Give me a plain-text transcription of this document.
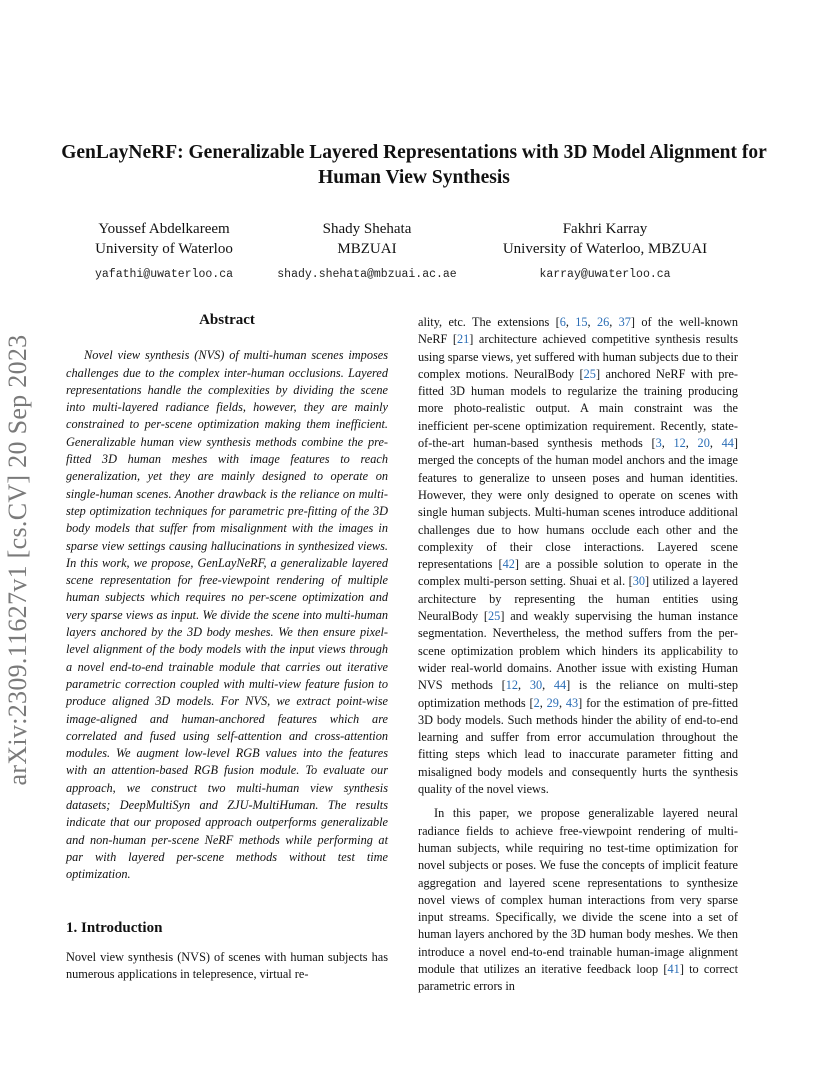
GenLayNeRF: Generalizable Layered Representations with 3D Model Alignment for Human View Synthesis
Youssef Abdelkareem
University of Waterloo
yafathi@uwaterloo.ca
Shady Shehata
MBZUAI
shady.shehata@mbzuai.ac.ae
Fakhri Karray
University of Waterloo, MBZUAI
karray@uwaterloo.ca
arXiv:2309.11627v1 [cs.CV] 20 Sep 2023
Abstract

Novel view synthesis (NVS) of multi-human scenes imposes challenges due to the complex inter-human occlusions. Layered representations handle the complexities by dividing the scene into multi-layered radiance fields, however, they are mainly constrained to per-scene optimization making them inefficient. Generalizable human view synthesis methods combine the pre-fitted 3D human meshes with image features to reach generalization, yet they are mainly designed to operate on single-human scenes. Another drawback is the reliance on multi-step optimization techniques for parametric pre-fitting of the 3D body models that suffer from misalignment with the images in sparse view settings causing hallucinations in synthesized views. In this work, we propose, GenLayNeRF, a generalizable layered scene representation for free-viewpoint rendering of multiple human subjects which requires no per-scene optimization and very sparse views as input. We divide the scene into multi-human layers anchored by the 3D body meshes. We then ensure pixel-level alignment of the body models with the input views through a novel end-to-end trainable module that carries out iterative parametric correction coupled with multi-view feature fusion to produce aligned 3D models. For NVS, we extract point-wise image-aligned and human-anchored features which are correlated and fused using self-attention and cross-attention modules. We augment low-level RGB values into the features with an attention-based RGB fusion module. To evaluate our approach, we construct two multi-human view synthesis datasets; DeepMultiSyn and ZJU-MultiHuman. The results indicate that our proposed approach outperforms generalizable and non-human per-scene NeRF methods while performing at par with layered per-scene methods without test time optimization.

1. Introduction

Novel view synthesis (NVS) of scenes with human subjects has numerous applications in telepresence, virtual re-

ality, etc. The extensions [6, 15, 26, 37] of the well-known NeRF [21] architecture achieved competitive synthesis results using sparse views, yet suffered with human subjects due to their complex motions. NeuralBody [25] anchored NeRF with pre-fitted 3D human models to regularize the training producing more photo-realistic output. A main constraint was the inefficient per-scene optimization requirement. Recently, state-of-the-art human-based synthesis methods [3, 12, 20, 44] merged the concepts of the human model anchors and the image features to generalize to unseen poses and human identities. However, they were only designed to operate on scenes with single human subjects. Multi-human scenes introduce additional challenges due to how humans occlude each other and the complexity of their close interactions. Layered scene representations [42] are a possible solution to operate in the complex multi-person setting. Shuai et al. [30] utilized a layered architecture by representing the human entities using NeuralBody [25] and weakly supervising the human instance segmentation. Nevertheless, the method suffers from the per-scene optimization problem which hinders its applicability to wider real-world domains. Another issue with existing Human NVS methods [12, 30, 44] is the reliance on multi-step optimization methods [2, 29, 43] for the estimation of pre-fitted 3D body models. Such methods hinder the ability of end-to-end learning and suffer from error accumulation throughout the fitting steps which lead to inaccurate parameter fitting and misaligned body models and consequently hurts the synthesis quality of the novel views.

In this paper, we propose generalizable layered neural radiance fields to achieve free-viewpoint rendering of multi-human subjects, while requiring no test-time optimization for novel subjects or poses. We fuse the concepts of implicit feature aggregation and layered scene representations to synthesize novel views of complex human interactions from very sparse input streams. Specifically, we divide the scene into a set of human layers anchored by the 3D human body meshes. We then introduce a novel end-to-end trainable human-image alignment module that utilizes an iterative feedback loop [41] to correct parametric errors in
